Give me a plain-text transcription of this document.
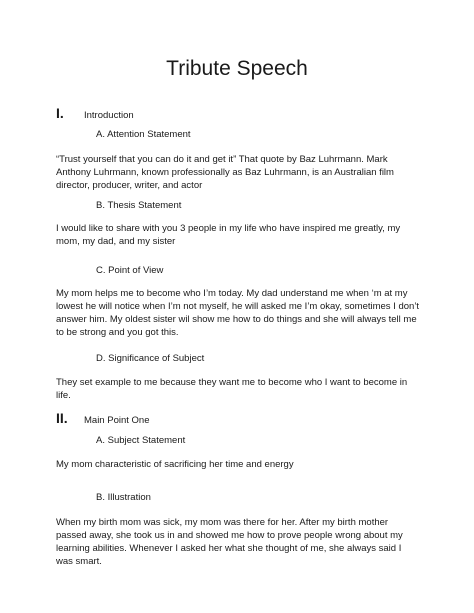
Tribute Speech
I.	Introduction
A. Attention Statement

“Trust yourself that you can do it and get it” That quote by Baz Luhrmann. Mark Anthony Luhrmann, known professionally as Baz Luhrmann, is an Australian film director, producer, writer, and actor

B. Thesis Statement

I would like to share with you 3 people in my life who have inspired me greatly, my mom, my dad, and my sister

C. Point of View

My mom helps me to become who I’m today. My dad understand me when ‘m at my lowest he will notice when I’m not myself, he will asked me I’m okay, sometimes I don’t answer him. My oldest sister wil show me how to do things and she will always tell me to be strong and you got this.

D. Significance of Subject

They set example to me because they want me to become who I want to become in life.

II.	Main Point One
A. Subject Statement

My mom characteristic of sacrificing her time and energy

B. Illustration

When my birth mom was sick, my mom was there for her. After my birth mother passed away, she took us in and showed me how to prove people wrong about my learning abilities. Whenever I asked her what she thought of me, she always said I was smart.
